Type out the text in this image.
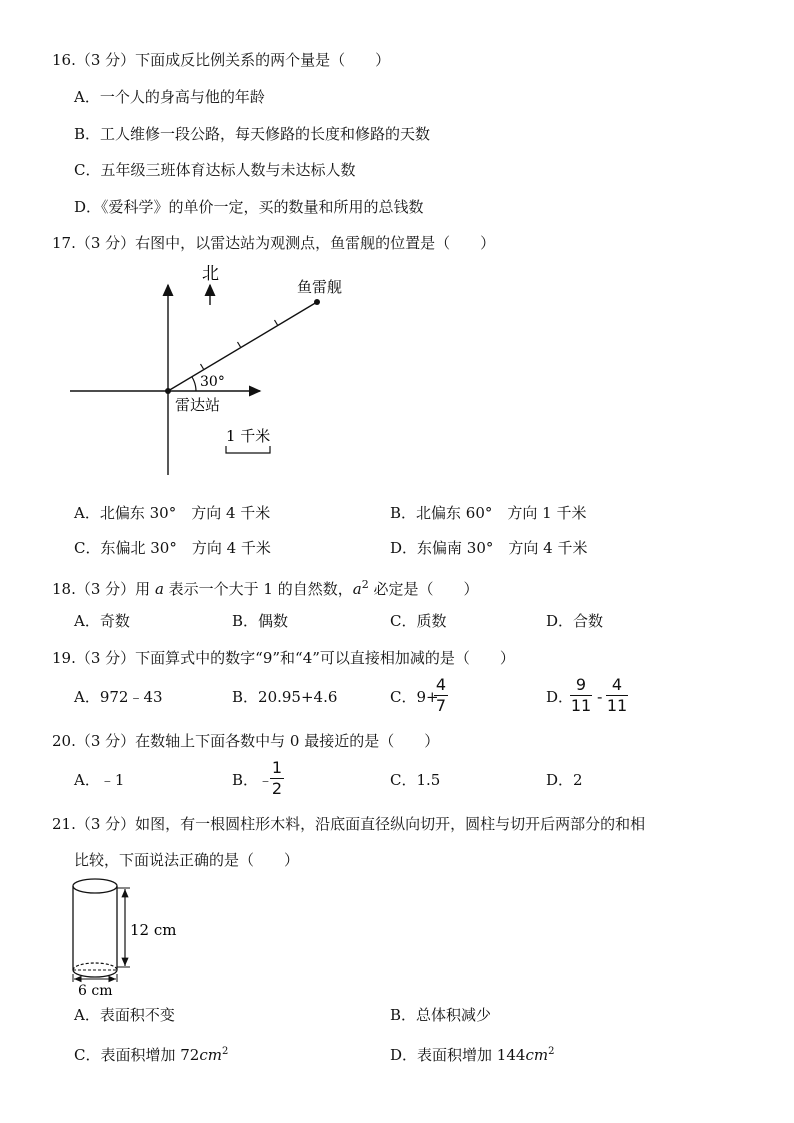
16.（3 分）下面成反比例关系的两个量是（　　）
A．一个人的身高与他的年龄
B．工人维修一段公路，每天修路的长度和修路的天数
C．五年级三班体育达标人数与未达标人数
D．《爱科学》的单价一定，买的数量和所用的总钱数
17.（3 分）右图中，以雷达站为观测点，鱼雷舰的位置是（　　）
北
鱼雷舰
30°
雷达站
1 千米
A．北偏东 30°　方向 4 千米	B．北偏东 60°　方向 1 千米
C．东偏北 30°　方向 4 千米	D．东偏南 30°　方向 4 千米
18.（3 分）用 a 表示一个大于 1 的自然数，$a^2$ 必定是（　　）
A．奇数	B．偶数	C．质数	D．合数
19.（3 分）下面算式中的数字“9”和“4”可以直接相加减的是（　　）
A．972﹣43	B．20.95+4.6	C．9+
4
7	D．
9
11 -
4
11
20.（3 分）在数轴上下面各数中与 0 最接近的是（　　）
A．﹣1	B．﹣
1
2	C．1.5	D．2
21.（3 分）如图，有一根圆柱形木料，沿底面直径纵向切开，圆柱与切开后两部分的和相
比较，下面说法正确的是（　　）
12 cm
6 cm
A．表面积不变	B．总体积减少
C．表面积增加 $72cm^2$	D．表面积增加 $144cm^2$
